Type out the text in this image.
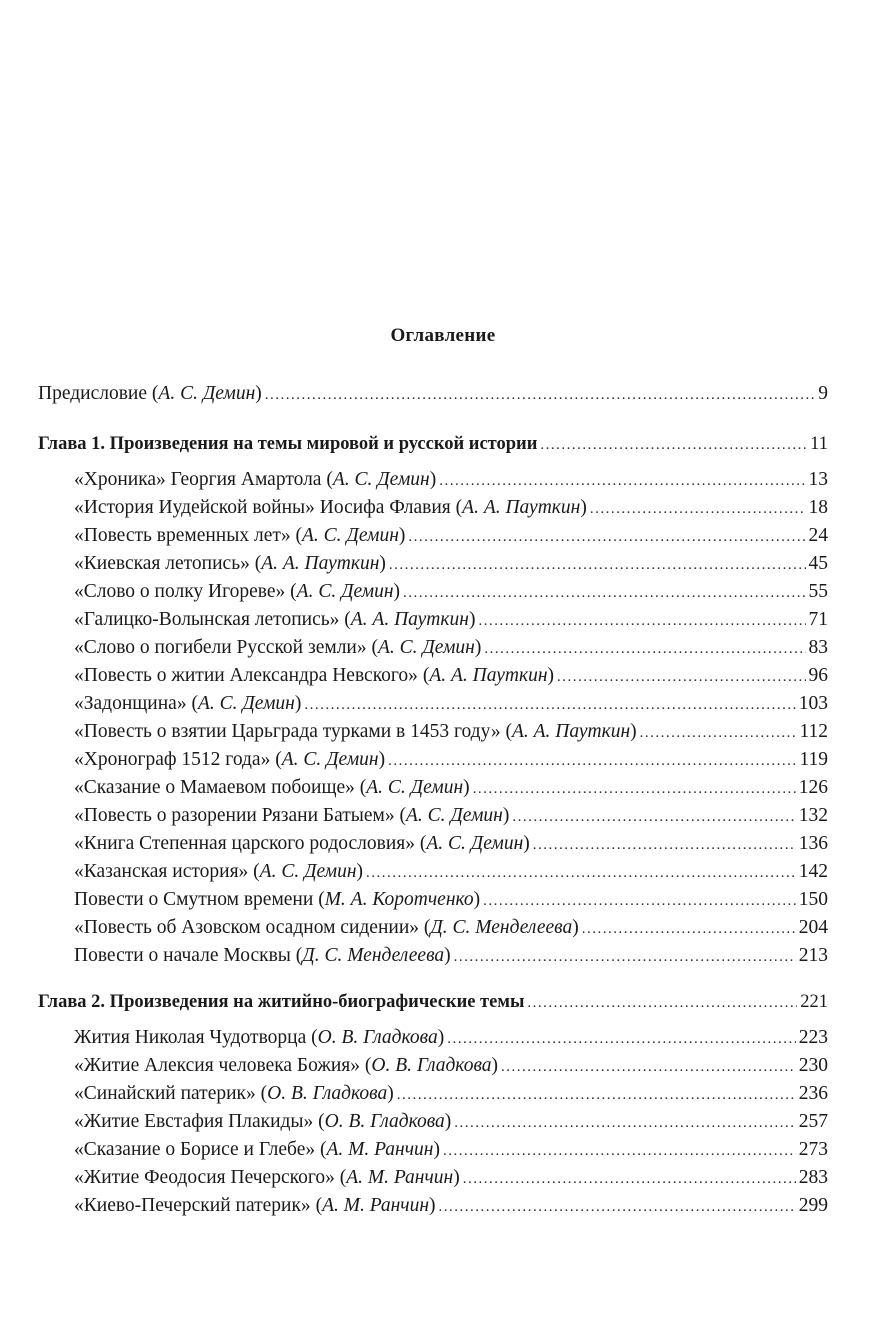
Оглавление
Предисловие (А. С. Демин) .....	9
Глава 1. Произведения на темы мировой и русской истории .....	11
«Хроника» Георгия Амартола (А. С. Демин) .....	13
«История Иудейской войны» Иосифа Флавия (А. А. Пауткин) .....	18
«Повесть временных лет» (А. С. Демин) .....	24
«Киевская летопись» (А. А. Пауткин) .....	45
«Слово о полку Игореве» (А. С. Демин) .....	55
«Галицко-Волынская летопись» (А. А. Пауткин) .....	71
«Слово о погибели Русской земли» (А. С. Демин) .....	83
«Повесть о житии Александра Невского» (А. А. Пауткин) .....	96
«Задонщина» (А. С. Демин) .....	103
«Повесть о взятии Царьграда турками в 1453 году» (А. А. Пауткин) .....	112
«Хронограф 1512 года» (А. С. Демин) .....	119
«Сказание о Мамаевом побоище» (А. С. Демин) .....	126
«Повесть о разорении Рязани Батыем» (А. С. Демин) .....	132
«Книга Степенная царского родословия» (А. С. Демин) .....	136
«Казанская история» (А. С. Демин) .....	142
Повести о Смутном времени (М. А. Коротченко) .....	150
«Повесть об Азовском осадном сидении» (Д. С. Менделеева) .....	204
Повести о начале Москвы (Д. С. Менделеева) .....	213
Глава 2. Произведения на житийно-биографические темы .....	221
Жития Николая Чудотворца (О. В. Гладкова) .....	223
«Житие Алексия человека Божия» (О. В. Гладкова) .....	230
«Синайский патерик» (О. В. Гладкова) .....	236
«Житие Евстафия Плакиды» (О. В. Гладкова) .....	257
«Сказание о Борисе и Глебе» (А. М. Ранчин) .....	273
«Житие Феодосия Печерского» (А. М. Ранчин) .....	283
«Киево-Печерский патерик» (А. М. Ранчин) .....	299
